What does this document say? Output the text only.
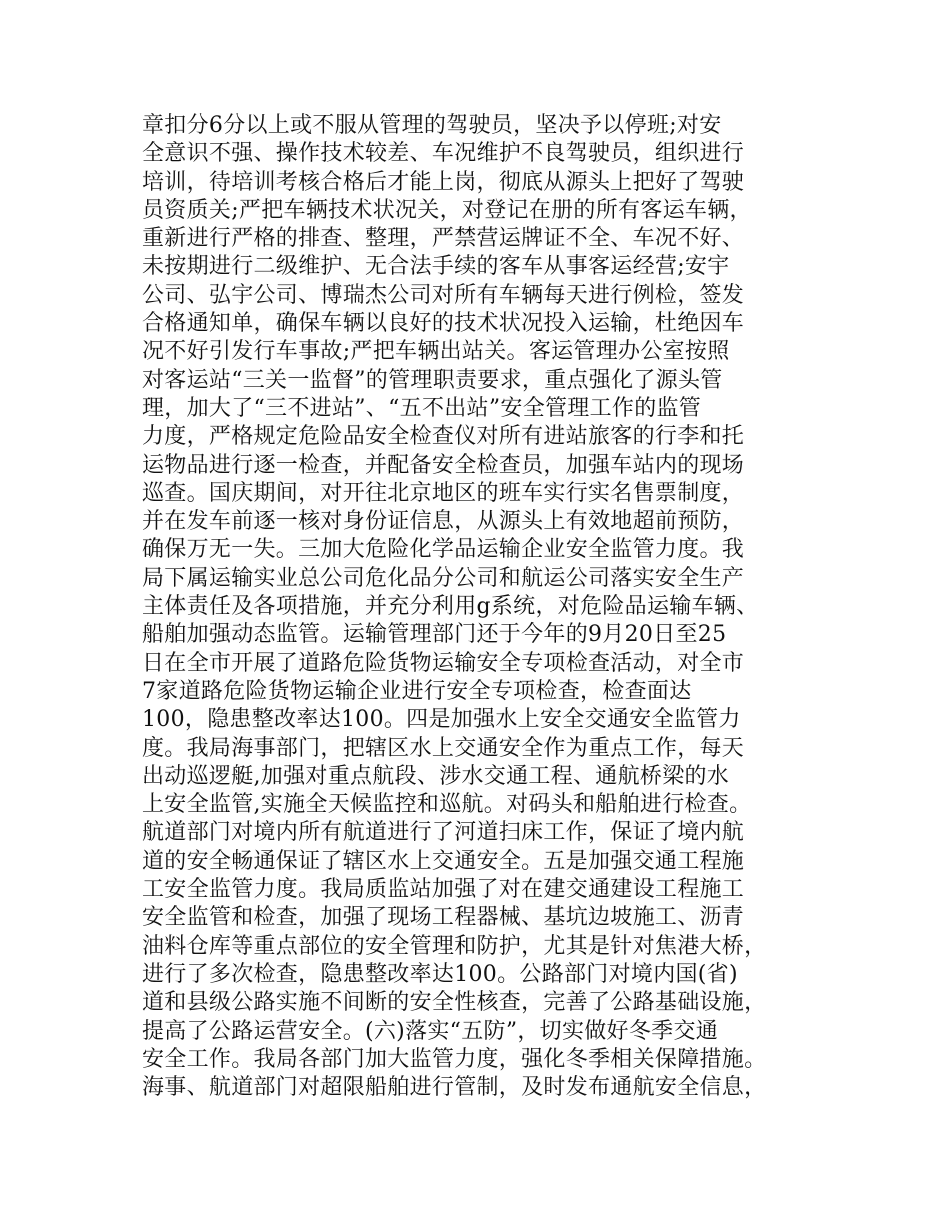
章扣分6分以上或不服从管理的驾驶员，坚决予以停班;对安
全意识不强、操作技术较差、车况维护不良驾驶员，组织进行
培训，待培训考核合格后才能上岗，彻底从源头上把好了驾驶
员资质关;严把车辆技术状况关，对登记在册的所有客运车辆，
重新进行严格的排查、整理，严禁营运牌证不全、车况不好、
未按期进行二级维护、无合法手续的客车从事客运经营;安宇
公司、弘宇公司、博瑞杰公司对所有车辆每天进行例检，签发
合格通知单，确保车辆以良好的技术状况投入运输，杜绝因车
况不好引发行车事故;严把车辆出站关。客运管理办公室按照
对客运站“三关一监督”的管理职责要求，重点强化了源头管
理，加大了“三不进站”、“五不出站”安全管理工作的监管
力度，严格规定危险品安全检查仪对所有进站旅客的行李和托
运物品进行逐一检查，并配备安全检查员，加强车站内的现场
巡查。国庆期间，对开往北京地区的班车实行实名售票制度，
并在发车前逐一核对身份证信息，从源头上有效地超前预防，
确保万无一失。三加大危险化学品运输企业安全监管力度。我
局下属运输实业总公司危化品分公司和航运公司落实安全生产
主体责任及各项措施，并充分利用g系统，对危险品运输车辆、
船舶加强动态监管。运输管理部门还于今年的9月20日至25
日在全市开展了道路危险货物运输安全专项检查活动，对全市
7家道路危险货物运输企业进行安全专项检查，检查面达
100，隐患整改率达100。四是加强水上安全交通安全监管力
度。我局海事部门，把辖区水上交通安全作为重点工作，每天
出动巡逻艇,加强对重点航段、涉水交通工程、通航桥梁的水
上安全监管,实施全天候监控和巡航。对码头和船舶进行检查。
航道部门对境内所有航道进行了河道扫床工作，保证了境内航
道的安全畅通保证了辖区水上交通安全。五是加强交通工程施
工安全监管力度。我局质监站加强了对在建交通建设工程施工
安全监管和检查，加强了现场工程器械、基坑边坡施工、沥青
油料仓库等重点部位的安全管理和防护，尤其是针对焦港大桥，
进行了多次检查，隐患整改率达100。公路部门对境内国(省)
道和县级公路实施不间断的安全性核查，完善了公路基础设施，
提高了公路运营安全。(六)落实“五防”，切实做好冬季交通
安全工作。我局各部门加大监管力度，强化冬季相关保障措施。
海事、航道部门对超限船舶进行管制，及时发布通航安全信息，
